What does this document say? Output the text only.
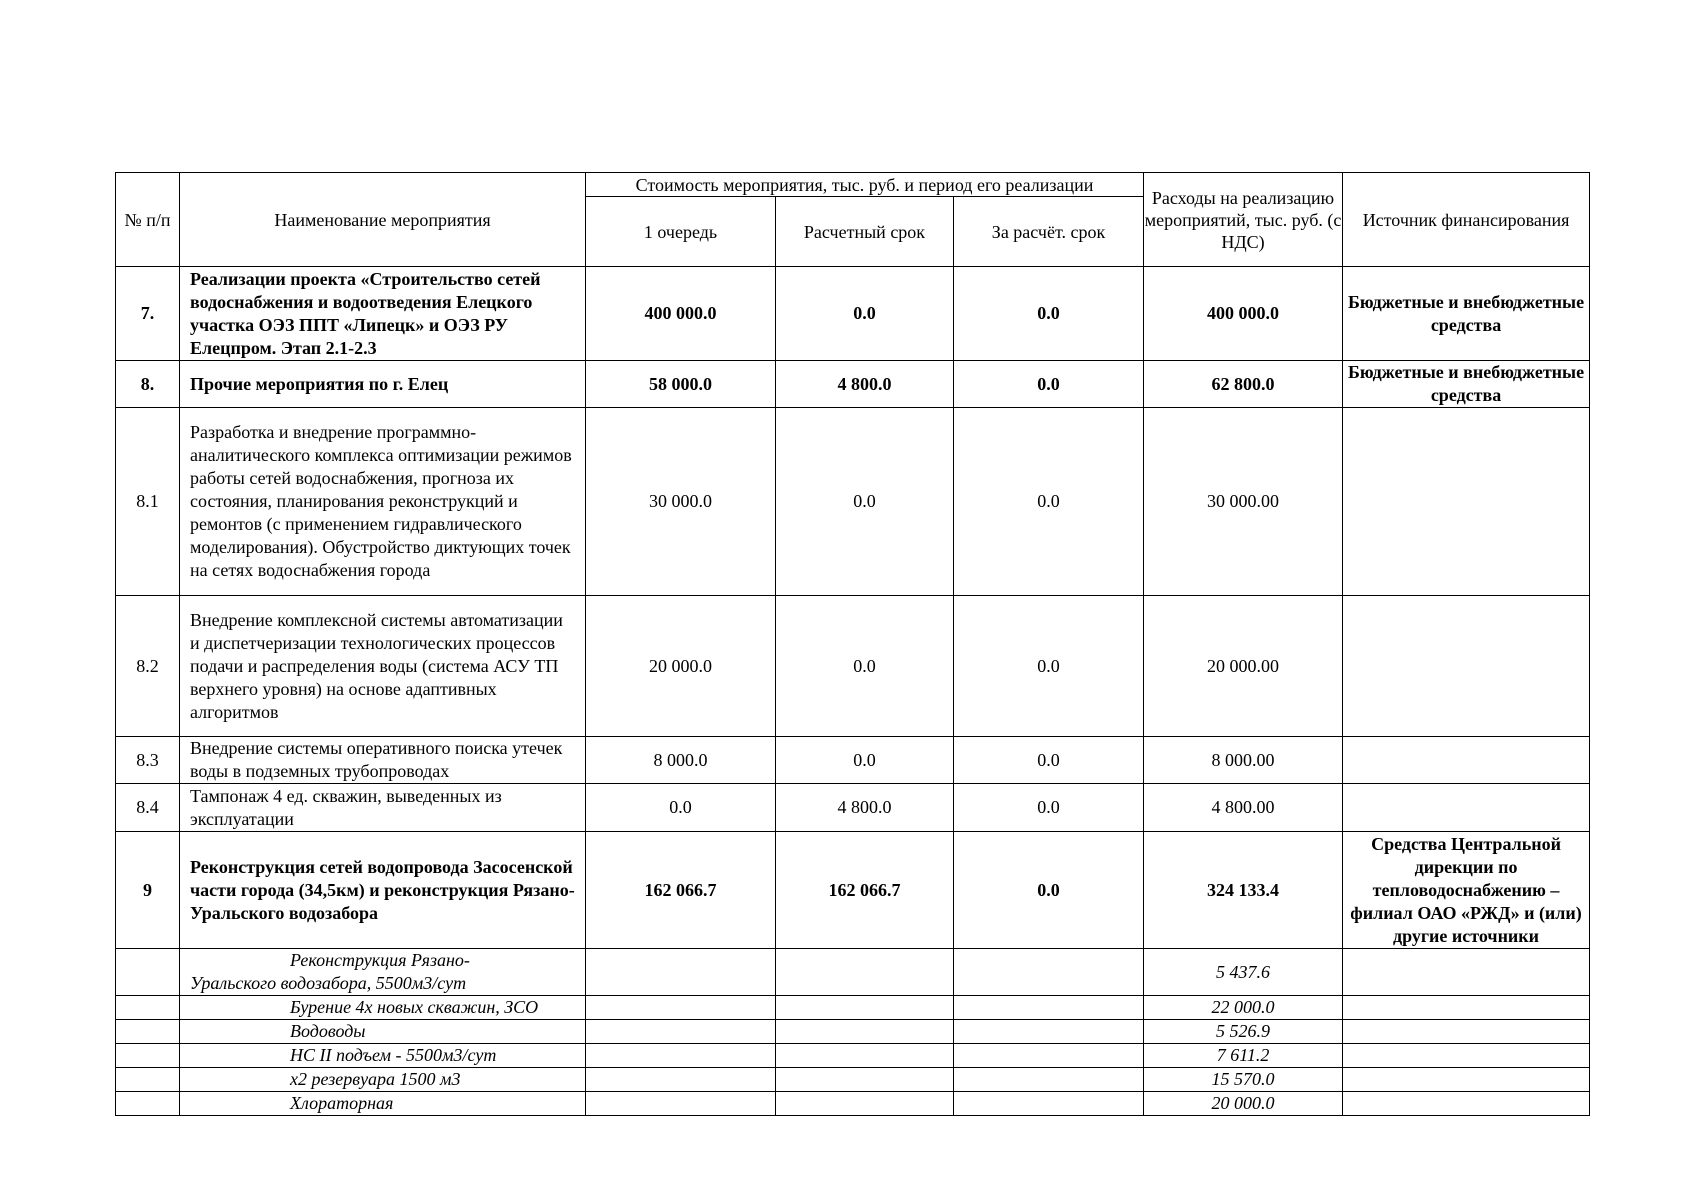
№ п/п	Наименование мероприятия	Стоимость мероприятия, тыс. руб. и период его реализации			Расходы на реализацию мероприятий, тыс. руб. (с НДС)	Источник финансирования
		1 очередь	Расчетный срок	За расчёт. срок		
7.	Реализации проекта «Строительство сетей водоснабжения и водоотведения Елецкого участка ОЭЗ ППТ «Липецк» и ОЭЗ РУ Елецпром. Этап 2.1-2.3	400 000.0	0.0	0.0	400 000.0	Бюджетные и внебюджетные средства
8.	Прочие мероприятия по г. Елец	58 000.0	4 800.0	0.0	62 800.0	Бюджетные и внебюджетные средства
8.1	Разработка и внедрение программно-аналитического комплекса оптимизации режимов работы сетей водоснабжения, прогноза их состояния, планирования реконструкций и ремонтов (с применением гидравлического моделирования). Обустройство диктующих точек на сетях водоснабжения города	30 000.0	0.0	0.0	30 000.00	
8.2	Внедрение комплексной системы автоматизации и диспетчеризации технологических процессов подачи и распределения воды (система АСУ ТП верхнего уровня) на основе адаптивных алгоритмов	20 000.0	0.0	0.0	20 000.00	
8.3	Внедрение системы оперативного поиска утечек воды в подземных трубопроводах	8 000.0	0.0	0.0	8 000.00	
8.4	Тампонаж 4 ед. скважин, выведенных из эксплуатации	0.0	4 800.0	0.0	4 800.00	
9	Реконструкция сетей водопровода Засосенской части города (34,5км) и реконструкция Рязано-Уральского водозабора	162 066.7	162 066.7	0.0	324 133.4	Средства Центральной дирекции по тепловодоснабжению – филиал ОАО «РЖД» и (или) другие источники

	Реконструкция Рязано-
Уральского водозабора, 5500м3/сут				5 437.6	

	Бурение 4х новых скважин, ЗСО				22 000.0	

	Водоводы				5 526.9	

	НС II подъем - 5500м3/сут				7 611.2	

	х2 резервуара 1500 м3				15 570.0	

	Хлораторная				20 000.0	
